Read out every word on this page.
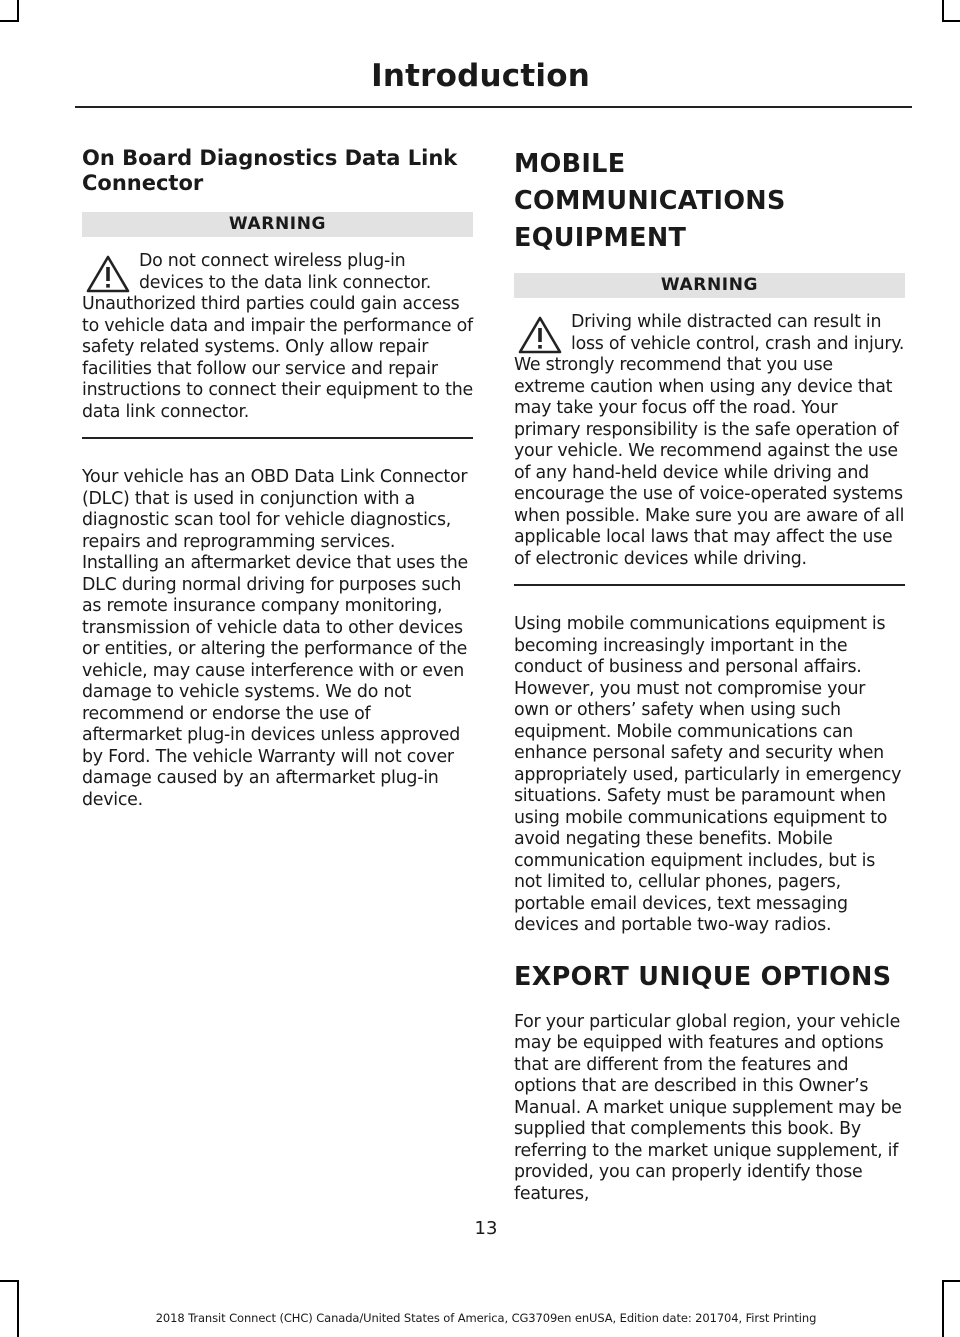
Introduction
On Board Diagnostics Data Link Connector
WARNING
Do not connect wireless plug-in devices to the data link connector. Unauthorized third parties could gain access to vehicle data and impair the performance of safety related systems. Only allow repair facilities that follow our service and repair instructions to connect their equipment to the data link connector.

Your vehicle has an OBD Data Link Connector (DLC) that is used in conjunction with a diagnostic scan tool for vehicle diagnostics, repairs and reprogramming services. Installing an aftermarket device that uses the DLC during normal driving for purposes such as remote insurance company monitoring, transmission of vehicle data to other devices or entities, or altering the performance of the vehicle, may cause interference with or even damage to vehicle systems. We do not recommend or endorse the use of aftermarket plug-in devices unless approved by Ford. The vehicle Warranty will not cover damage caused by an aftermarket plug-in device.

MOBILE COMMUNICATIONS EQUIPMENT
WARNING
Driving while distracted can result in loss of vehicle control, crash and injury. We strongly recommend that you use extreme caution when using any device that may take your focus off the road. Your primary responsibility is the safe operation of your vehicle. We recommend against the use of any hand-held device while driving and encourage the use of voice-operated systems when possible. Make sure you are aware of all applicable local laws that may affect the use of electronic devices while driving.

Using mobile communications equipment is becoming increasingly important in the conduct of business and personal affairs. However, you must not compromise your own or others’ safety when using such equipment. Mobile communications can enhance personal safety and security when appropriately used, particularly in emergency situations. Safety must be paramount when using mobile communications equipment to avoid negating these benefits. Mobile communication equipment includes, but is not limited to, cellular phones, pagers, portable email devices, text messaging devices and portable two-way radios.

EXPORT UNIQUE OPTIONS

For your particular global region, your vehicle may be equipped with features and options that are different from the features and options that are described in this Owner’s Manual. A market unique supplement may be supplied that complements this book. By referring to the market unique supplement, if provided, you can properly identify those features,

13
2018 Transit Connect (CHC) Canada/United States of America, CG3709en enUSA, Edition date: 201704, First Printing
